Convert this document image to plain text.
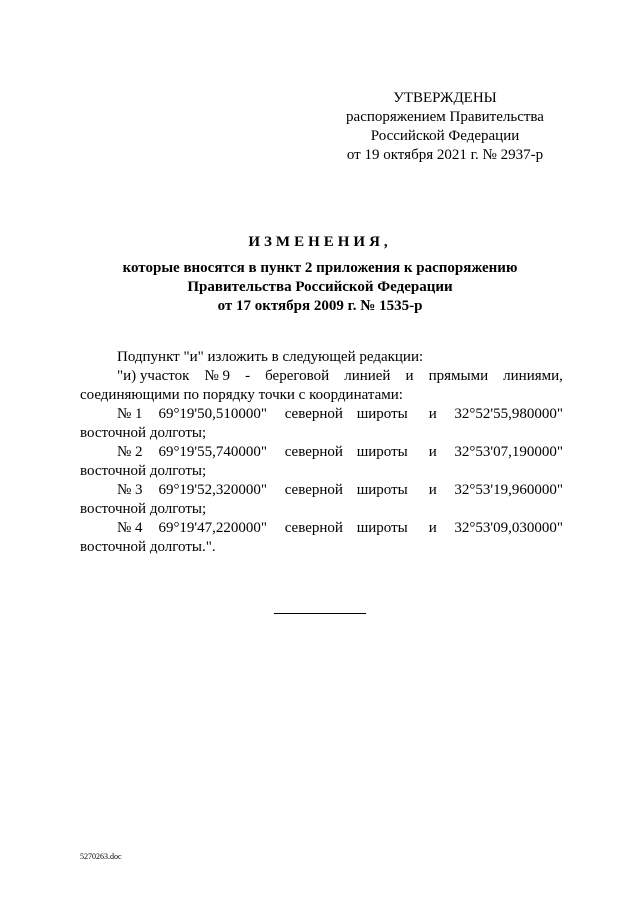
УТВЕРЖДЕНЫ
распоряжением Правительства
Российской Федерации
от 19 октября 2021 г. № 2937-р
ИЗМЕНЕНИЯ,
которые вносятся в пункт 2 приложения к распоряжению
Правительства Российской Федерации
от 17 октября 2009 г. № 1535-р
Подпункт "и" изложить в следующей редакции:
"и) участок № 9 - береговой линией и прямыми линиями,
соединяющими по порядку точки с координатами:
№ 1	69°19'50,510000"	северной широты	и	32°52'55,980000"
восточной долготы;
№ 2	69°19'55,740000"	северной широты	и	32°53'07,190000"
восточной долготы;
№ 3	69°19'52,320000"	северной широты	и	32°53'19,960000"
восточной долготы;
№ 4	69°19'47,220000"	северной широты	и	32°53'09,030000"
восточной долготы.".
5270263.doc
